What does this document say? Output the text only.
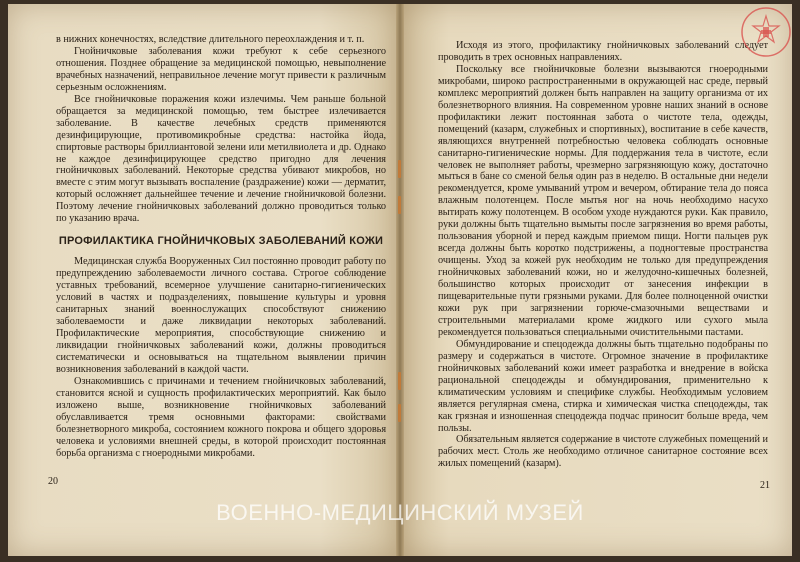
в нижних конечностях, вследствие длительного переохлаждения и т. п.

Гнойничковые заболевания кожи требуют к себе серьезного отношения. Позднее обращение за медицинской помощью, невыполнение врачебных назначений, неправильное лечение могут привести к различным серьезным осложнениям.

Все гнойничковые поражения кожи излечимы. Чем раньше больной обращается за медицинской помощью, тем быстрее излечивается заболевание. В качестве лечебных средств применяются дезинфицирующие, противомикробные средства: настойка йода, спиртовые растворы бриллиантовой зелени или метилвиолета и др. Однако не каждое дезинфицирующее средство пригодно для лечения гнойничковых заболеваний. Некоторые средства убивают микробов, но вместе с этим могут вызывать воспаление (раздражение) кожи — дерматит, который осложняет дальнейшее течение и лечение гнойничковой болезни. Поэтому лечение гнойничковых заболеваний должно проводиться только по указанию врача.

ПРОФИЛАКТИКА ГНОЙНИЧКОВЫХ ЗАБОЛЕВАНИЙ КОЖИ

Медицинская служба Вооруженных Сил постоянно проводит работу по предупреждению заболеваемости личного состава. Строгое соблюдение уставных требований, всемерное улучшение санитарно-гигиенических условий в частях и подразделениях, повышение культуры и уровня санитарных знаний военнослужащих способствуют снижению заболеваемости и даже ликвидации некоторых заболеваний. Профилактические мероприятия, способствующие снижению и ликвидации гнойничковых заболеваний кожи, должны проводиться систематически и основываться на тщательном выявлении причин возникновения заболеваний в каждой части.

Ознакомившись с причинами и течением гнойничковых заболеваний, становится ясной и сущность профилактических мероприятий. Как было изложено выше, возникновение гнойничковых заболеваний обуславливается тремя основными факторами: свойствами болезнетворного микроба, состоянием кожного покрова и общего здоровья человека и условиями внешней среды, в которой происходит постоянная борьба организма с гноеродными микробами.

20

Исходя из этого, профилактику гнойничковых заболеваний следует проводить в трех основных направлениях.

Поскольку все гнойничковые болезни вызываются гноеродными микробами, широко распространенными в окружающей нас среде, первый комплекс мероприятий должен быть направлен на защиту организма от их болезнетворного влияния. На современном уровне наших знаний в основе профилактики лежит постоянная забота о чистоте тела, одежды, помещений (казарм, служебных и спортивных), воспитание в себе качеств, являющихся внутренней потребностью человека соблюдать основные санитарно-гигиенические нормы. Для поддержания тела в чистоте, если человек не выполняет работы, чрезмерно загрязняющую кожу, достаточно мыться в бане со сменой белья один раз в неделю. В остальные дни недели рекомендуется, кроме умываний утром и вечером, обтирание тела до пояса влажным полотенцем. После мытья ног на ночь необходимо насухо вытирать кожу полотенцем. В особом уходе нуждаются руки. Как правило, руки должны быть тщательно вымыты после загрязнения во время работы, пользования уборной и перед каждым приемом пищи. Ногти пальцев рук всегда должны быть коротко подстрижены, а подногтевые пространства очищены. Уход за кожей рук необходим не только для предупреждения гнойничковых заболеваний кожи, но и желудочно-кишечных болезней, большинство которых происходит от занесения инфекции в пищеварительные пути грязными руками. Для более полноценной очистки кожи рук при загрязнении горюче-смазочными веществами и строительными материалами кроме жидкого или сухого мыла рекомендуется пользоваться специальными очистительными пастами.

Обмундирование и спецодежда должны быть тщательно подобраны по размеру и содержаться в чистоте. Огромное значение в профилактике гнойничковых заболеваний кожи имеет разработка и внедрение в войска рациональной спецодежды и обмундирования, применительно к климатическим условиям и специфике службы. Необходимым условием является регулярная смена, стирка и химическая чистка спецодежды, так как грязная и изношенная спецодежда подчас приносит больше вреда, чем пользы.

Обязательным является содержание в чистоте служебных помещений и рабочих мест. Столь же необходимо отличное санитарное состояние всех жилых помещений (казарм).

21
ВОЕННО-МЕДИЦИНСКИЙ МУЗЕЙ
